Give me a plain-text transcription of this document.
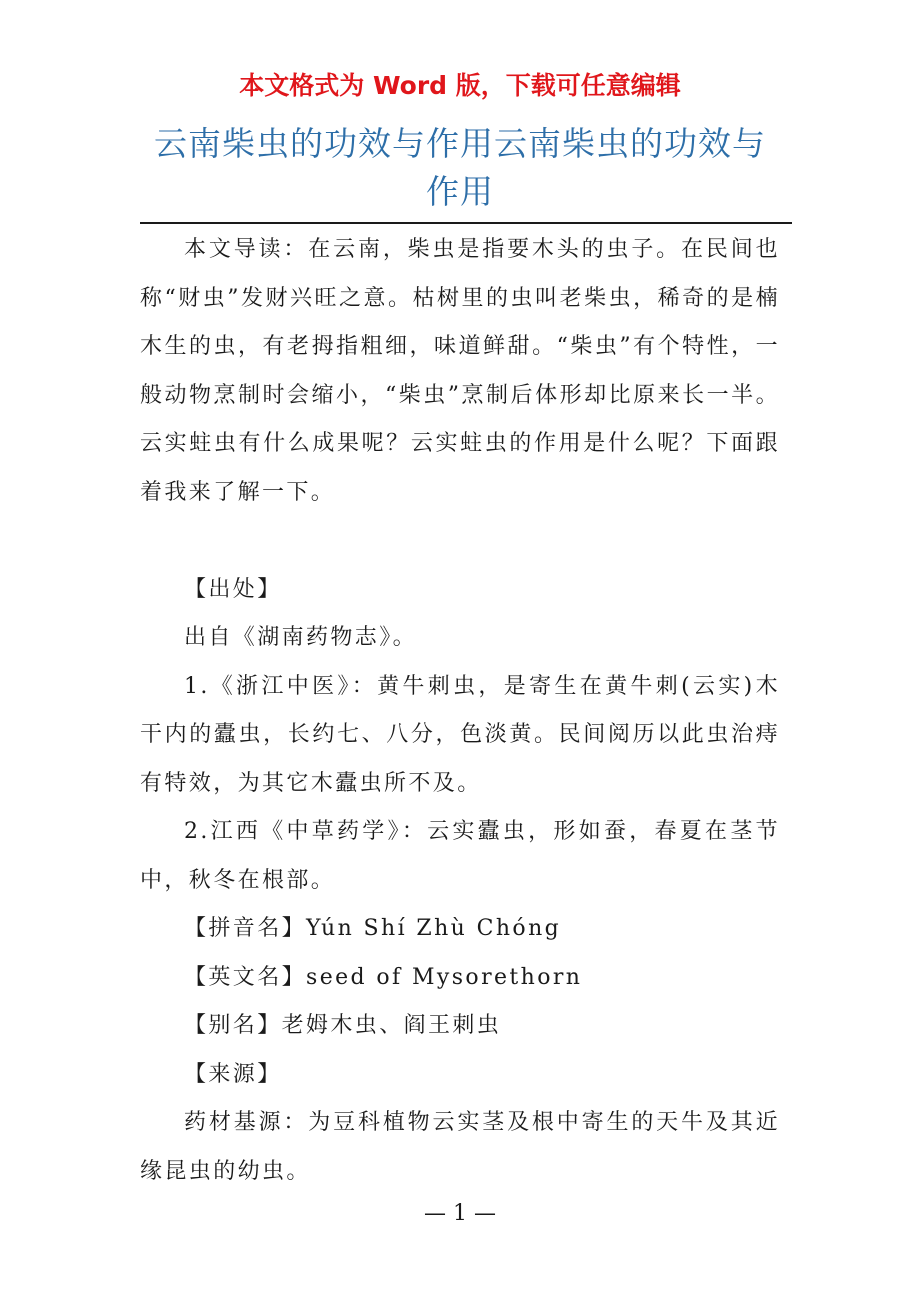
本文格式为 Word 版，下载可任意编辑
云南柴虫的功效与作用云南柴虫的功效与作用

本文导读：在云南，柴虫是指要木头的虫子。在民间也称“财虫”发财兴旺之意。枯树里的虫叫老柴虫，稀奇的是楠木生的虫，有老拇指粗细，味道鲜甜。“柴虫”有个特性，一般动物烹制时会缩小，“柴虫”烹制后体形却比原来长一半。云实蛀虫有什么成果呢？云实蛀虫的作用是什么呢？下面跟着我来了解一下。

【出处】

出自《湖南药物志》。

1.《浙江中医》：黄牛刺虫，是寄生在黄牛刺(云实)木干内的蠹虫，长约七、八分，色淡黄。民间阅历以此虫治痔有特效，为其它木蠹虫所不及。

2.江西《中草药学》：云实蠹虫，形如蚕，春夏在茎节中，秋冬在根部。

【拼音名】Yún Shí Zhù Chóng

【英文名】seed of Mysorethorn

【别名】老姆木虫、阎王刺虫

【来源】

药材基源：为豆科植物云实茎及根中寄生的天牛及其近缘昆虫的幼虫。

— 1 —
